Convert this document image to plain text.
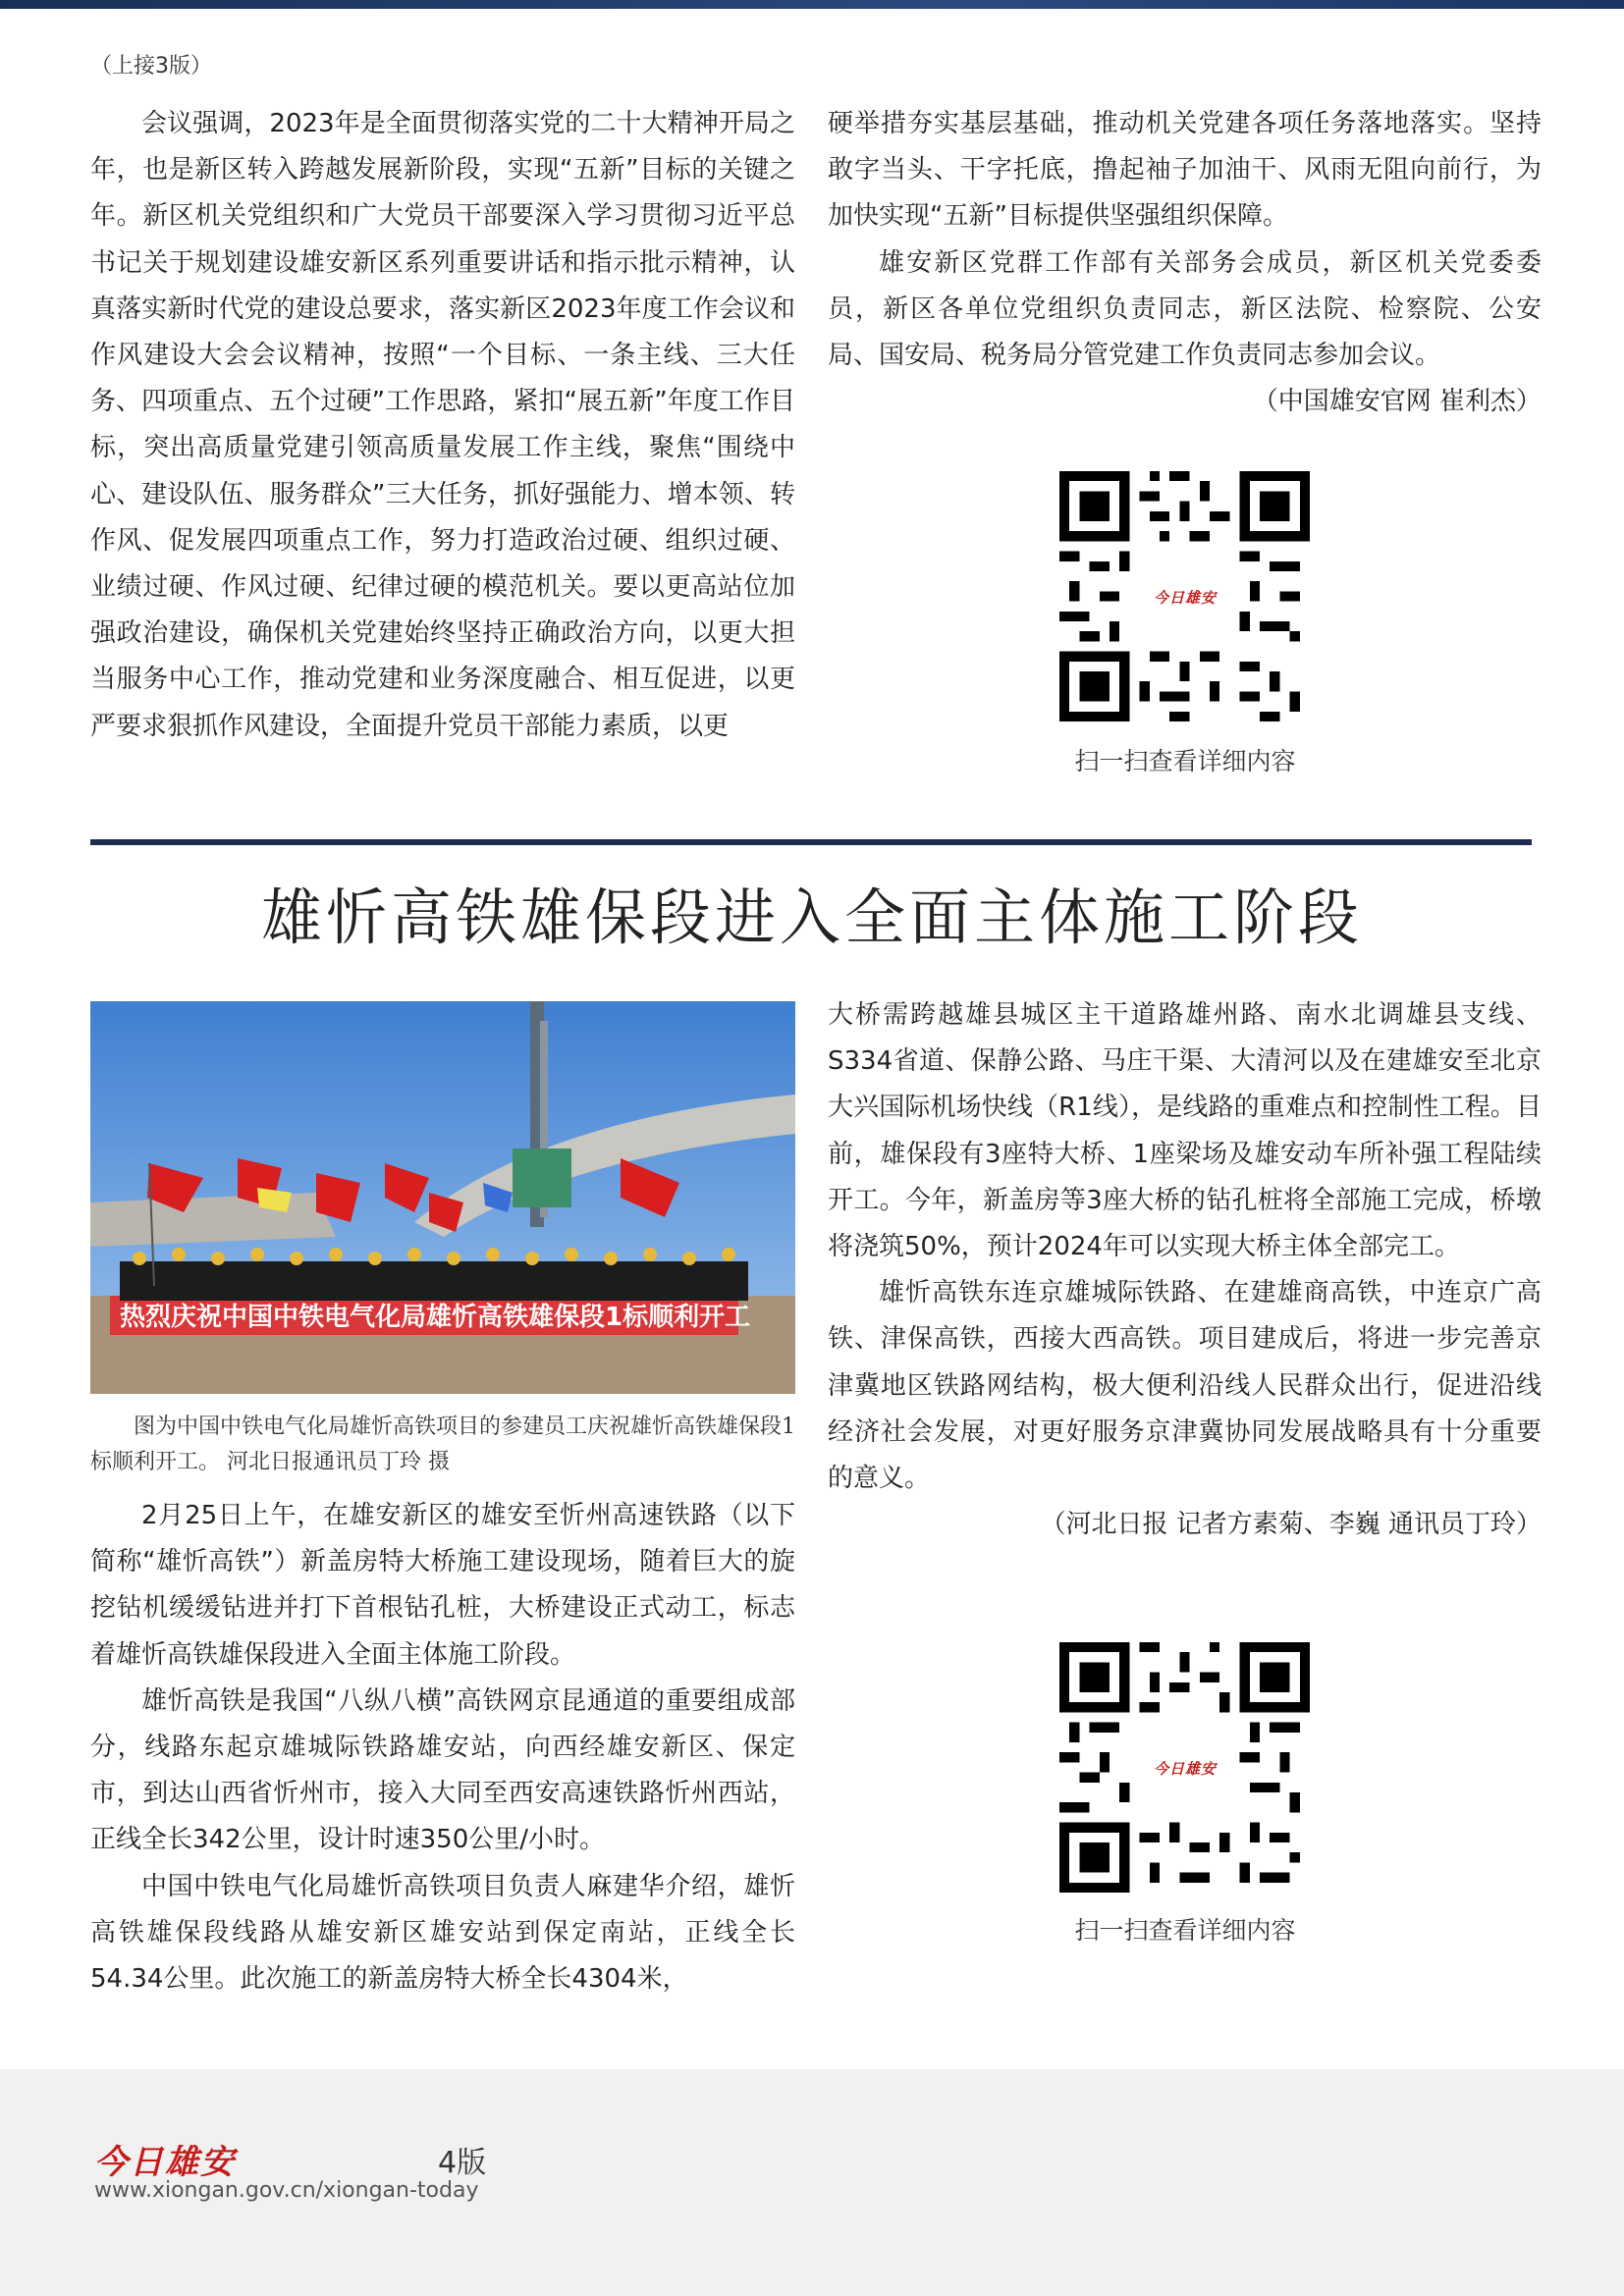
（上接3版）

会议强调，2023年是全面贯彻落实党的二十大精神开局之年，也是新区转入跨越发展新阶段，实现“五新”目标的关键之年。新区机关党组织和广大党员干部要深入学习贯彻习近平总书记关于规划建设雄安新区系列重要讲话和指示批示精神，认真落实新时代党的建设总要求，落实新区2023年度工作会议和作风建设大会会议精神，按照“一个目标、一条主线、三大任务、四项重点、五个过硬”工作思路，紧扣“展五新”年度工作目标，突出高质量党建引领高质量发展工作主线，聚焦“围绕中心、建设队伍、服务群众”三大任务，抓好强能力、增本领、转作风、促发展四项重点工作，努力打造政治过硬、组织过硬、业绩过硬、作风过硬、纪律过硬的模范机关。要以更高站位加强政治建设，确保机关党建始终坚持正确政治方向，以更大担当服务中心工作，推动党建和业务深度融合、相互促进，以更严要求狠抓作风建设，全面提升党员干部能力素质，以更

硬举措夯实基层基础，推动机关党建各项任务落地落实。坚持敢字当头、干字托底，撸起袖子加油干、风雨无阻向前行，为加快实现“五新”目标提供坚强组织保障。

雄安新区党群工作部有关部务会成员，新区机关党委委员，新区各单位党组织负责同志，新区法院、检察院、公安局、国安局、税务局分管党建工作负责同志参加会议。

（中国雄安官网 崔利杰）

今日雄安
扫一扫查看详细内容
雄忻高铁雄保段进入全面主体施工阶段
热烈庆祝中国中铁电气化局雄忻高铁雄保段1标顺利开工
图为中国中铁电气化局雄忻高铁项目的参建员工庆祝雄忻高铁雄保段1标顺利开工。 河北日报通讯员丁玲 摄

2月25日上午，在雄安新区的雄安至忻州高速铁路（以下简称“雄忻高铁”）新盖房特大桥施工建设现场，随着巨大的旋挖钻机缓缓钻进并打下首根钻孔桩，大桥建设正式动工，标志着雄忻高铁雄保段进入全面主体施工阶段。

雄忻高铁是我国“八纵八横”高铁网京昆通道的重要组成部分，线路东起京雄城际铁路雄安站，向西经雄安新区、保定市，到达山西省忻州市，接入大同至西安高速铁路忻州西站，正线全长342公里，设计时速350公里/小时。

中国中铁电气化局雄忻高铁项目负责人麻建华介绍，雄忻高铁雄保段线路从雄安新区雄安站到保定南站，正线全长54.34公里。此次施工的新盖房特大桥全长4304米，

大桥需跨越雄县城区主干道路雄州路、南水北调雄县支线、S334省道、保静公路、马庄干渠、大清河以及在建雄安至北京大兴国际机场快线（R1线），是线路的重难点和控制性工程。目前，雄保段有3座特大桥、1座梁场及雄安动车所补强工程陆续开工。今年，新盖房等3座大桥的钻孔桩将全部施工完成，桥墩将浇筑50%，预计2024年可以实现大桥主体全部完工。

雄忻高铁东连京雄城际铁路、在建雄商高铁，中连京广高铁、津保高铁，西接大西高铁。项目建成后，将进一步完善京津冀地区铁路网结构，极大便利沿线人民群众出行，促进沿线经济社会发展，对更好服务京津冀协同发展战略具有十分重要的意义。

（河北日报 记者方素菊、李巍 通讯员丁玲）

今日雄安
扫一扫查看详细内容
今日雄安	4版
www.xiongan.gov.cn/xiongan-today
